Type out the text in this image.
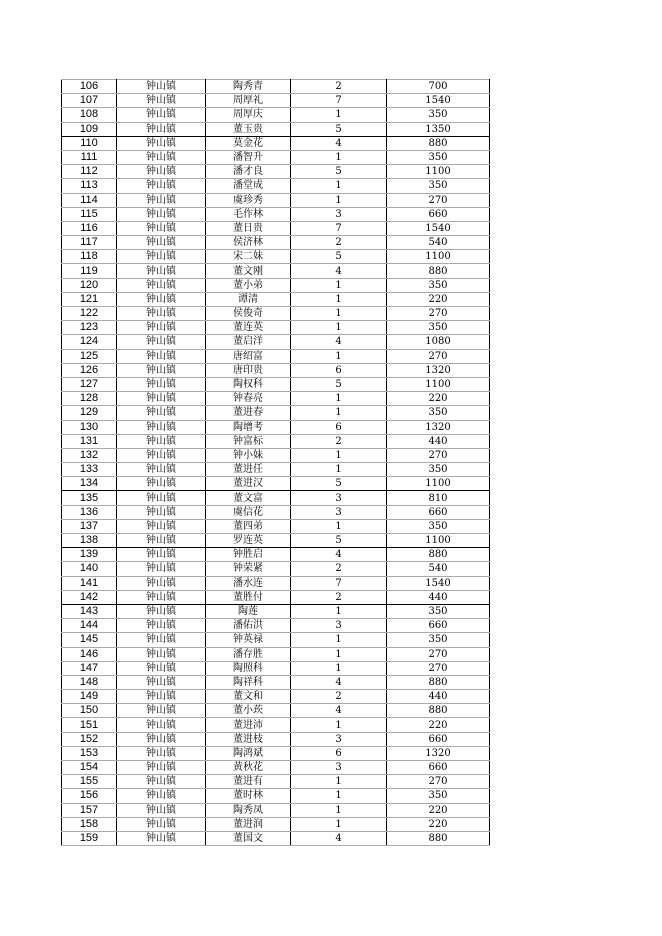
106	钟山镇	陶秀青	2	700
107	钟山镇	周厚礼	7	1540
108	钟山镇	周厚庆	1	350
109	钟山镇	董玉贵	5	1350
110	钟山镇	莫金花	4	880
111	钟山镇	潘智升	1	350
112	钟山镇	潘才良	5	1100
113	钟山镇	潘堂成	1	350
114	钟山镇	虞珍秀	1	270
115	钟山镇	毛作林	3	660
116	钟山镇	董日贵	7	1540
117	钟山镇	侯济林	2	540
118	钟山镇	宋二妹	5	1100
119	钟山镇	董文刚	4	880
120	钟山镇	董小弟	1	350
121	钟山镇	谭清	1	220
122	钟山镇	侯俊奇	1	270
123	钟山镇	董连英	1	350
124	钟山镇	董启洋	4	1080
125	钟山镇	唐绍富	1	270
126	钟山镇	唐印贵	6	1320
127	钟山镇	陶权科	5	1100
128	钟山镇	钟春亮	1	220
129	钟山镇	董进春	1	350
130	钟山镇	陶增考	6	1320
131	钟山镇	钟富标	2	440
132	钟山镇	钟小妹	1	270
133	钟山镇	董进任	1	350
134	钟山镇	董进汉	5	1100
135	钟山镇	董文富	3	810
136	钟山镇	虞信花	3	660
137	钟山镇	董四弟	1	350
138	钟山镇	罗连英	5	1100
139	钟山镇	钟胜启	4	880
140	钟山镇	钟荣紧	2	540
141	钟山镇	潘水连	7	1540
142	钟山镇	董胜付	2	440
143	钟山镇	陶莲	1	350
144	钟山镇	潘佑洪	3	660
145	钟山镇	钟英禄	1	350
146	钟山镇	潘存胜	1	270
147	钟山镇	陶照科	1	270
148	钟山镇	陶祥科	4	880
149	钟山镇	董文和	2	440
150	钟山镇	董小莰	4	880
151	钟山镇	董进沛	1	220
152	钟山镇	董进枝	3	660
153	钟山镇	陶鸿斌	6	1320
154	钟山镇	黄秋花	3	660
155	钟山镇	董进有	1	270
156	钟山镇	董时林	1	350
157	钟山镇	陶秀凤	1	220
158	钟山镇	董进润	1	220
159	钟山镇	董国文	4	880
